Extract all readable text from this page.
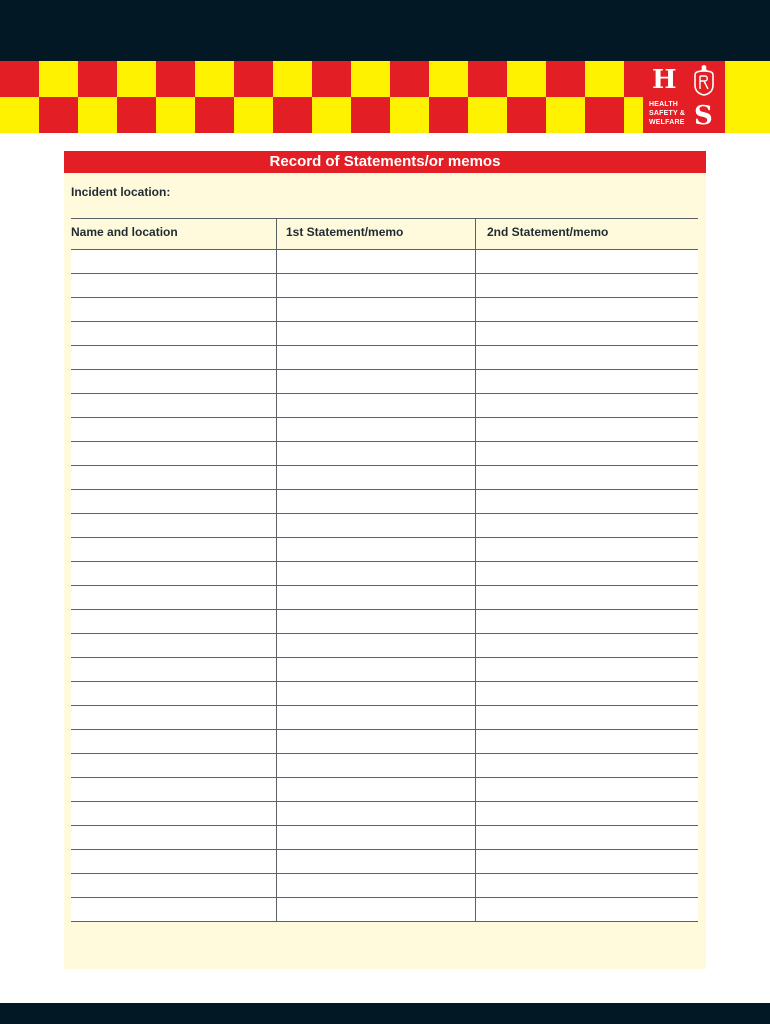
H
HEALTH
SAFETY &
WELFARE S
Record of Statements/or memos
Incident location:
Name and location	1st Statement/memo	2nd Statement/memo
